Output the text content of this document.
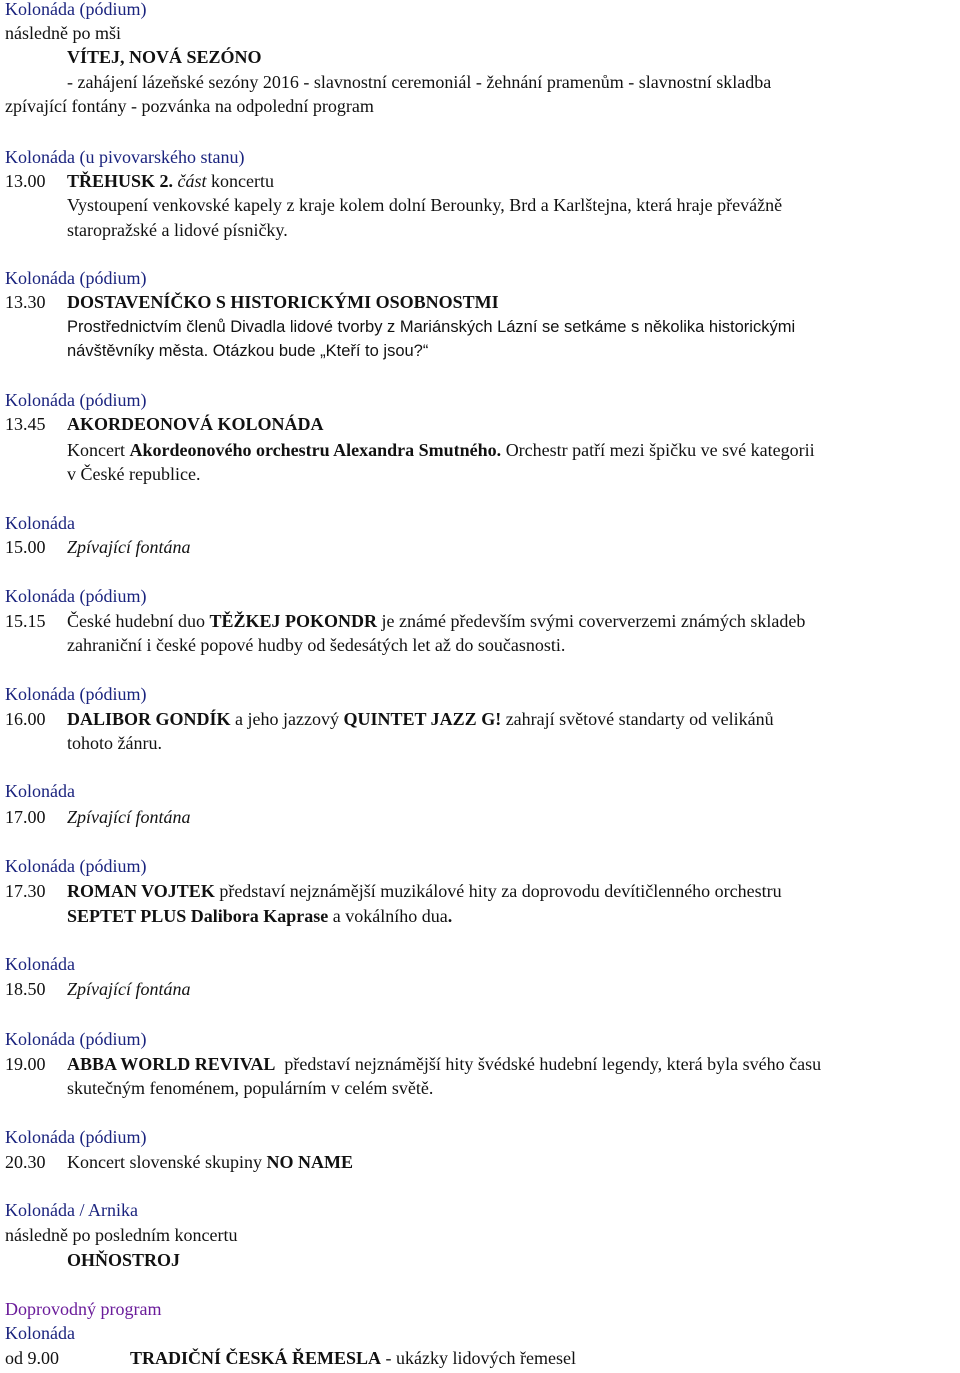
Kolonáda (pódium)
následně po mši
VÍTEJ, NOVÁ SEZÓNO
- zahájení lázeňské sezóny 2016 - slavnostní ceremoniál - žehnání pramenům - slavnostní skladba
zpívající fontány - pozvánka na odpolední program
Kolonáda (u pivovarského stanu)
13.00 TŘEHUSK 2. část koncertu
Vystoupení venkovské kapely z kraje kolem dolní Berounky, Brd a Karlštejna, která hraje převážně
staropražské a lidové písničky.
Kolonáda (pódium)
13.30 DOSTAVENÍČKO S HISTORICKÝMI OSOBNOSTMI
Prostřednictvím členů Divadla lidové tvorby z Mariánských Lázní se setkáme s několika historickými
návštěvníky města. Otázkou bude „Kteří to jsou?“
Kolonáda (pódium)
13.45 AKORDEONOVÁ KOLONÁDA
Koncert Akordeonového orchestru Alexandra Smutného. Orchestr patří mezi špičku ve své kategorii
v České republice.
Kolonáda
15.00 Zpívající fontána
Kolonáda (pódium)
15.15 České hudební duo TĚŽKEJ POKONDR je známé především svými coververzemi známých skladeb
zahraniční i české popové hudby od šedesátých let až do současnosti.
Kolonáda (pódium)
16.00 DALIBOR GONDÍK a jeho jazzový QUINTET JAZZ G! zahrají světové standarty od velikánů
tohoto žánru.
Kolonáda
17.00 Zpívající fontána
Kolonáda (pódium)
17.30 ROMAN VOJTEK představí nejznámější muzikálové hity za doprovodu devítičlenného orchestru
SEPTET PLUS Dalibora Kaprase a vokálního dua.
Kolonáda
18.50 Zpívající fontána
Kolonáda (pódium)
19.00 ABBA WORLD REVIVAL představí nejznámější hity švédské hudební legendy, která byla svého času
skutečným fenoménem, populárním v celém světě.
Kolonáda (pódium)
20.30 Koncert slovenské skupiny NO NAME
Kolonáda / Arnika
následně po posledním koncertu
OHŇOSTROJ
Doprovodný program
Kolonáda
od 9.00	TRADIČNÍ ČESKÁ ŘEMESLA - ukázky lidových řemesel
